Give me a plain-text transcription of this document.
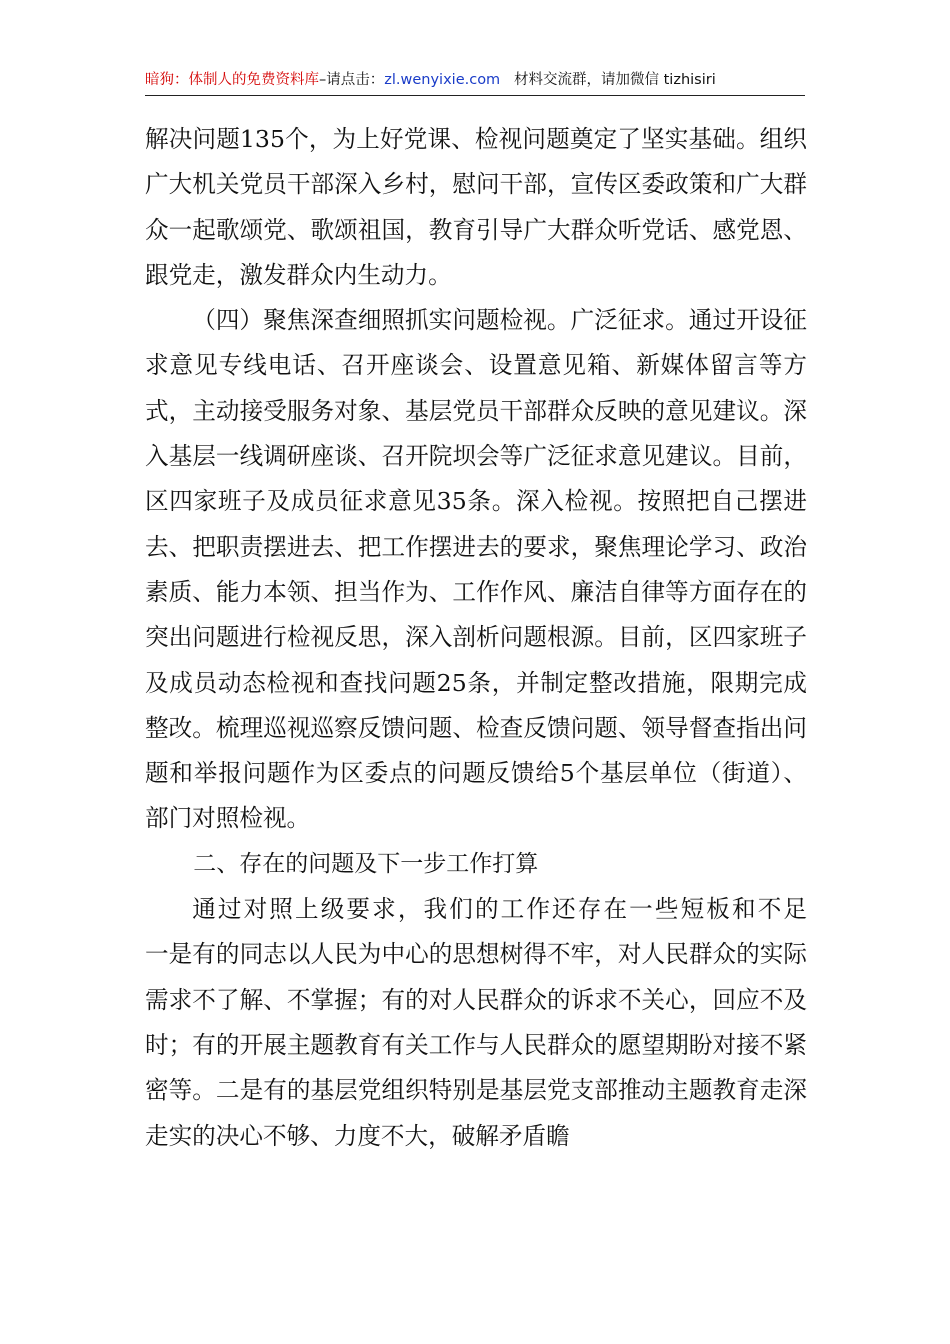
暗狗：体制人的免费资料库–请点击：zl.wenyixie.com 材料交流群，请加微信 tizhisiri

解决问题135个，为上好党课、检视问题奠定了坚实基础。组织广大机关党员干部深入乡村，慰问干部，宣传区委政策和广大群众一起歌颂党、歌颂祖国，教育引导广大群众听党话、感党恩、跟党走，激发群众内生动力。

（四）聚焦深查细照抓实问题检视。广泛征求。通过开设征求意见专线电话、召开座谈会、设置意见箱、新媒体留言等方式，主动接受服务对象、基层党员干部群众反映的意见建议。深入基层一线调研座谈、召开院坝会等广泛征求意见建议。目前，区四家班子及成员征求意见35条。深入检视。按照把自己摆进去、把职责摆进去、把工作摆进去的要求，聚焦理论学习、政治素质、能力本领、担当作为、工作作风、廉洁自律等方面存在的突出问题进行检视反思，深入剖析问题根源。目前，区四家班子及成员动态检视和查找问题25条，并制定整改措施，限期完成整改。梳理巡视巡察反馈问题、检查反馈问题、领导督查指出问题和举报问题作为区委点的问题反馈给5个基层单位（街道）、部门对照检视。

二、存在的问题及下一步工作打算

通过对照上级要求，我们的工作还存在一些短板和不足

一是有的同志以人民为中心的思想树得不牢，对人民群众的实际需求不了解、不掌握；有的对人民群众的诉求不关心，回应不及时；有的开展主题教育有关工作与人民群众的愿望期盼对接不紧密等。二是有的基层党组织特别是基层党支部推动主题教育走深走实的决心不够、力度不大，破解矛盾瞻
